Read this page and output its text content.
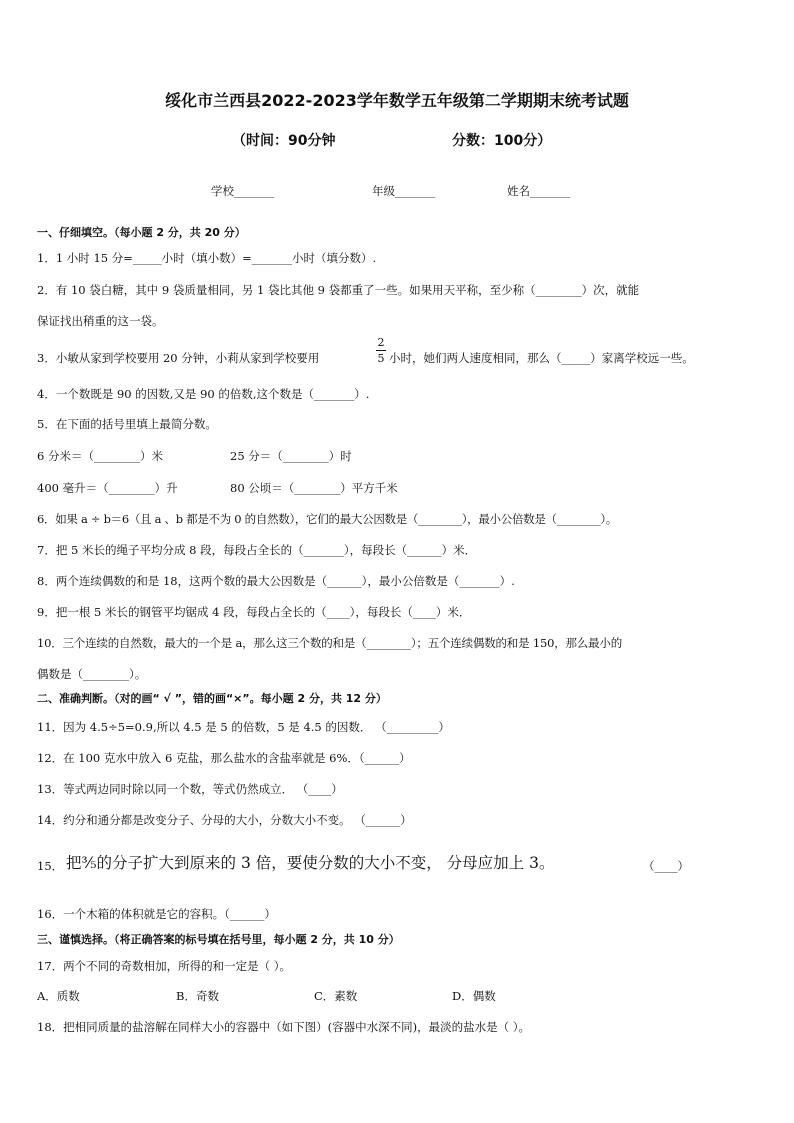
绥化市兰西县2022-2023学年数学五年级第二学期期末统考试题
（时间：90分钟	分数：100分）
学校_______	年级_______	姓名_______
一、仔细填空。（每小题 2 分，共 20 分）
1．1 小时 15 分=_____小时（填小数）=_______小时（填分数）.
2．有 10 袋白糖，其中 9 袋质量相同，另 1 袋比其他 9 袋都重了一些。如果用天平称，至少称（________）次，就能
保证找出稍重的这一袋。
3．小敏从家到学校要用 20 分钟，小莉从家到学校要用
2
5 小时，她们两人速度相同，那么（_____）家离学校远一些。
4．一个数既是 90 的因数,又是 90 的倍数,这个数是（_______）.
5．在下面的括号里填上最简分数。
6 分米＝（________）米	25 分＝（________）时
400 毫升＝（________）升	80 公顷＝（________）平方千米
6．如果 a ÷ b＝6（且 a 、b 都是不为 0 的自然数），它们的最大公因数是（________），最小公倍数是（________）。
7．把 5 米长的绳子平均分成 8 段，每段占全长的（_______），每段长（______）米．
8．两个连续偶数的和是 18，这两个数的最大公因数是（______），最小公倍数是（_______）.
9．把一根 5 米长的钢管平均锯成 4 段，每段占全长的（____），每段长（____）米．
10．三个连续的自然数，最大的一个是 a，那么这三个数的和是（________）；五个连续偶数的和是 150，那么最小的
偶数是（________）。
二、准确判断。（对的画“ √ ”，错的画“×”。每小题 2 分，共 12 分）
11．因为 4.5÷5=0.9,所以 4.5 是 5 的倍数，5 是 4.5 的因数． （_________）
12．在 100 克水中放入 6 克盐，那么盐水的含盐率就是 6%．（______）
13．等式两边同时除以同一个数，等式仍然成立． （____）
14．约分和通分都是改变分子、分母的大小，分数大小不变。 （______）
15． 把⅗的分子扩大到原来的 3 倍，要使分数的大小不变， 分母应加上 3。	（____）
16．一个木箱的体积就是它的容积。（______）
三、谨慎选择。（将正确答案的标号填在括号里，每小题 2 分，共 10 分）
17．两个不同的奇数相加，所得的和一定是（ ）。
A．质数	B．奇数	C．素数	D．偶数
18．把相同质量的盐溶解在同样大小的容器中（如下图）(容器中水深不同)，最淡的盐水是（ ）。
